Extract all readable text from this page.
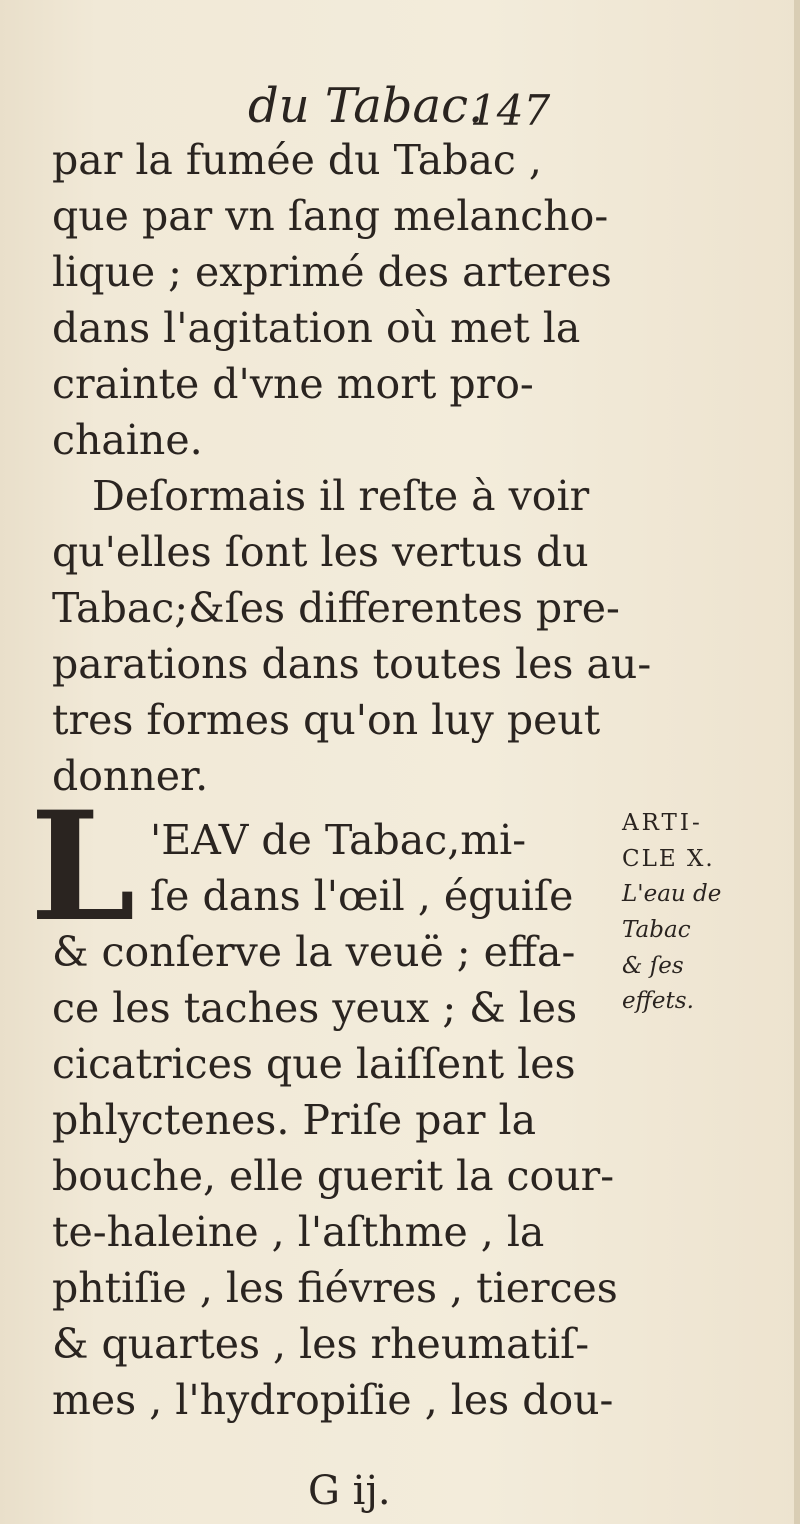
du Tabac.
147
par la fumée du Tabac ,
que par vn ſang melancho-
lique ; exprimé des arteres
dans l'agitation où met la
crainte d'vne mort pro-
chaine.
Deſormais il reſte à voir
qu'elles ſont les vertus du
Tabac;&ſes differentes pre-
parations dans toutes les au-
tres formes qu'on luy peut
donner.
L 'EAV de Tabac,mi-
ſe dans l'œil , éguiſe
& conſerve la veuë ; effa-
ce les taches yeux ; & les
cicatrices que laiſſent les
phlyctenes. Priſe par la
bouche, elle guerit la cour-
te-haleine , l'aſthme , la
phtiſie , les fiévres , tierces
& quartes , les rheumatiſ-
mes , l'hydropiſie , les dou-
ARTI-
CLE X.
L'eau de
Tabac
& ſes
effets.
G ij.
